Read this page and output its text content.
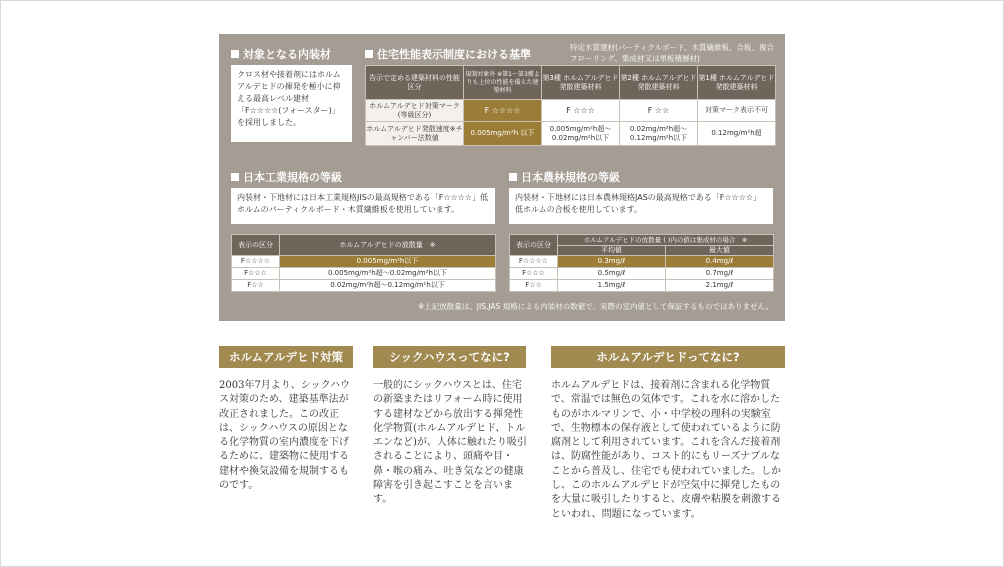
対象となる内装材
クロス材や接着剤にはホルムアルデヒドの揮発を極小に抑える最高レベル建材「F☆☆☆☆(フォースター)」を採用しました。
住宅性能表示制度における基準
特定木質建材(パーティクルボード、木質繊維板、合板、複合フローリング、集成材又は単板積層材)
告示で定める建築材料の性能区分	規制対象外 ※第1〜第3種よりも上位の性能を備えた建築材料	第3種 ホルムアルデヒド発散建築材料	第2種 ホルムアルデヒド発散建築材料	第1種 ホルムアルデヒド発散建築材料
ホルムアルデヒド対策マーク(等級区分)	F ☆☆☆☆	F ☆☆☆	F ☆☆	対策マーク表示不可
ホルムアルデヒド発散速度※チャンバー法数値	0.005mg/m²h 以下	0.005mg/m²h超〜0.02mg/m²h以下	0.02mg/m²h超〜0.12mg/m²h以下	0.12mg/m²h超
日本工業規格の等級
内装材・下地材には日本工業規格JISの最高規格である「F☆☆☆☆」低ホルムのパーティクルボード・木質繊維板を使用しています。
表示の区分	ホルムアルデヒドの放散量　※
F☆☆☆☆	0.005mg/m²h以下
F☆☆☆	0.005mg/m²h超〜0.02mg/m²h以下
F☆☆	0.02mg/m²h超〜0.12mg/m²h以下
日本農林規格の等級
内装材・下地材には日本農林規格JASの最高規格である「F☆☆☆☆」低ホルムの合板を使用しています。
表示の区分	ホルムアルデヒドの放散量 ( )内の値は集成材の場合　※	
	平均値	最大値
F☆☆☆☆	0.3mg/ℓ	0.4mg/ℓ
F☆☆☆	0.5mg/ℓ	0.7mg/ℓ
F☆☆	1.5mg/ℓ	2.1mg/ℓ
※上記放散量は、JIS,JAS 規格による内装材の数値で、実際の室内値として保証するものではありません。
ホルムアルデヒド対策
2003年7月より、シックハウス対策のため、建築基準法が改正されました。この改正は、シックハウスの原因となる化学物質の室内濃度を下げるために、建築物に使用する建材や換気設備を規制するものです。
シックハウスってなに?
一般的にシックハウスとは、住宅の新築またはリフォーム時に使用する建材などから放出する揮発性化学物質(ホルムアルデヒド、トルエンなど)が、人体に触れたり吸引されることにより、頭痛や目・鼻・喉の痛み、吐き気などの健康障害を引き起こすことを言います。
ホルムアルデヒドってなに?
ホルムアルデヒドは、接着剤に含まれる化学物質で、常温では無色の気体です。これを水に溶かしたものがホルマリンで、小・中学校の理科の実験室で、生物標本の保存液として使われているように防腐剤として利用されています。これを含んだ接着剤は、防腐性能があり、コスト的にもリーズナブルなことから普及し、住宅でも使われていました。しかし、このホルムアルデヒドが空気中に揮発したものを大量に吸引したりすると、皮膚や粘膜を刺激するといわれ、問題になっています。
